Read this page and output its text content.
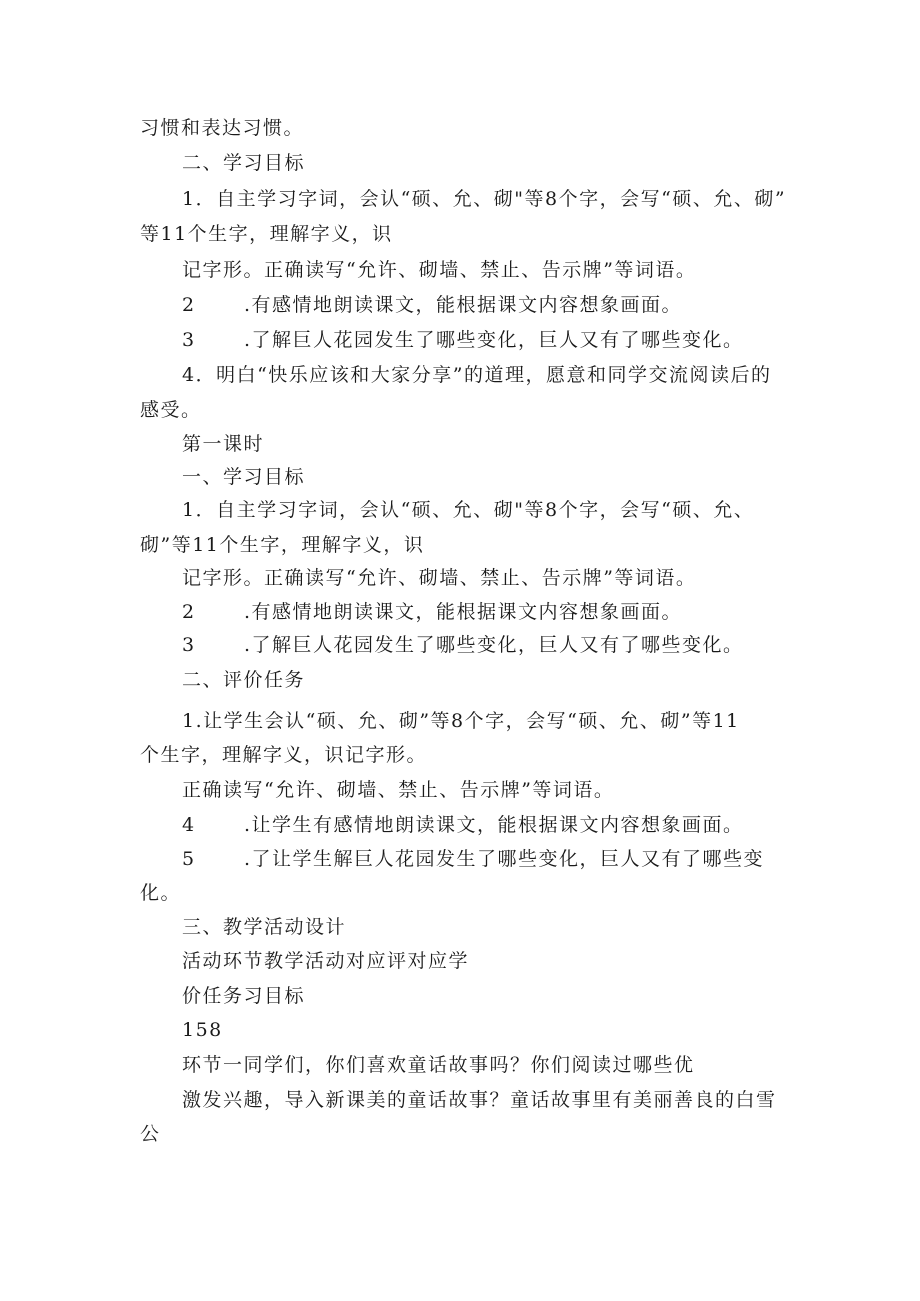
习惯和表达习惯。
二、学习目标
1．自主学习字词，会认“硕、允、砌"等8个字，会写“硕、允、砌”
等11个生字，理解字义，识
记字形。正确读写“允许、砌墙、禁止、告示牌”等词语。
2	.有感情地朗读课文，能根据课文内容想象画面。
3	.了解巨人花园发生了哪些变化，巨人又有了哪些变化。
4．明白“快乐应该和大家分享”的道理，愿意和同学交流阅读后的
感受。
第一课时
一、学习目标
1．自主学习字词，会认“硕、允、砌"等8个字，会写“硕、允、
砌”等11个生字，理解字义，识
记字形。正确读写“允许、砌墙、禁止、告示牌”等词语。
2	.有感情地朗读课文，能根据课文内容想象画面。
3	.了解巨人花园发生了哪些变化，巨人又有了哪些变化。
二、评价任务
1.让学生会认“硕、允、砌”等8个字，会写“硕、允、砌”等11
个生字，理解字义，识记字形。
正确读写“允许、砌墙、禁止、告示牌”等词语。
4	.让学生有感情地朗读课文，能根据课文内容想象画面。
5	.了让学生解巨人花园发生了哪些变化，巨人又有了哪些变
化。
三、教学活动设计
活动环节教学活动对应评对应学
价任务习目标
158
环节一同学们，你们喜欢童话故事吗？你们阅读过哪些优
激发兴趣，导入新课美的童话故事？童话故事里有美丽善良的白雪
公
